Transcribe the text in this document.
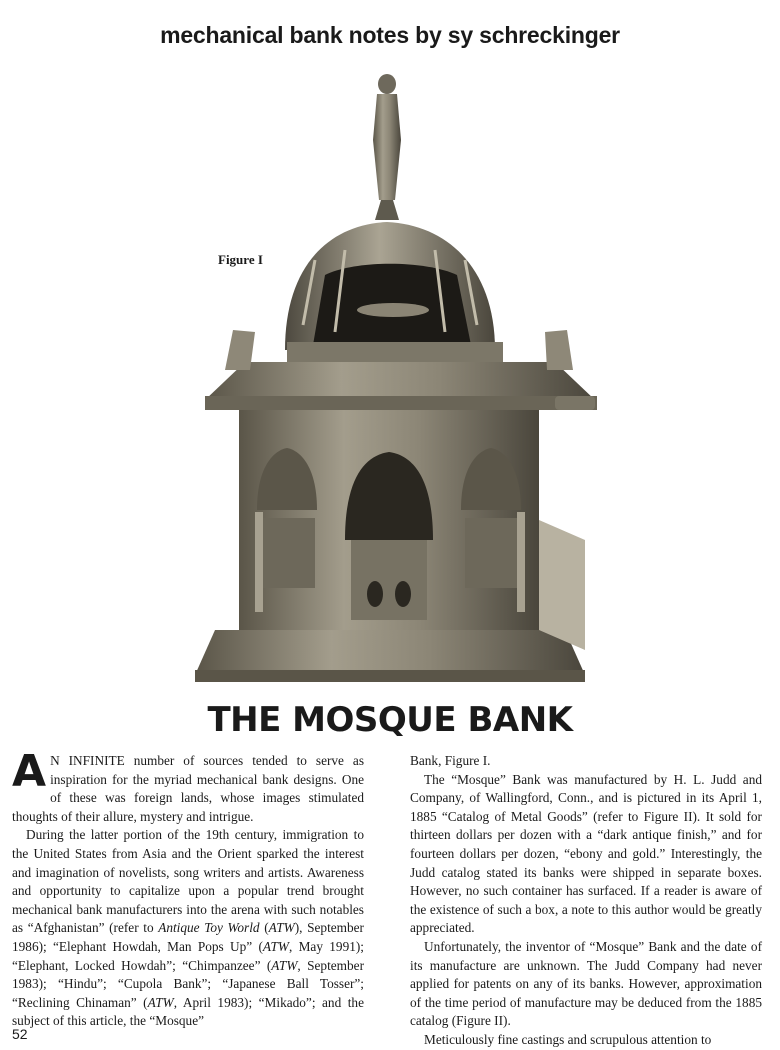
mechanical bank notes by sy schreckinger
Figure I
THE MOSQUE BANK

A N INFINITE number of sources tended to serve as inspiration for the myriad mechanical bank designs. One of these was foreign lands, whose images stimulated thoughts of their allure, mystery and intrigue.

During the latter portion of the 19th century, immigration to the United States from Asia and the Orient sparked the interest and imagination of novelists, song writers and artists. Awareness and opportunity to capitalize upon a popular trend brought mechanical bank manufacturers into the arena with such notables as “Afghanistan” (refer to Antique Toy World (ATW), September 1986); “Elephant Howdah, Man Pops Up” (ATW, May 1991); “Elephant, Locked Howdah”; “Chimpanzee” (ATW, September 1983); “Hindu”; “Cupola Bank”; “Japanese Ball Tosser”; “Reclining Chinaman” (ATW, April 1983); “Mikado”; and the subject of this article, the “Mosque”

Bank, Figure I.

The “Mosque” Bank was manufactured by H. L. Judd and Company, of Wallingford, Conn., and is pictured in its April 1, 1885 “Catalog of Metal Goods” (refer to Figure II). It sold for thirteen dollars per dozen with a “dark antique finish,” and for fourteen dollars per dozen, “ebony and gold.” Interestingly, the Judd catalog stated its banks were shipped in separate boxes. However, no such container has surfaced. If a reader is aware of the existence of such a box, a note to this author would be greatly appreciated.

Unfortunately, the inventor of “Mosque” Bank and the date of its manufacture are unknown. The Judd Company had never applied for patents on any of its banks. However, approximation of the time period of manufacture may be deduced from the 1885 catalog (Figure II).

Meticulously fine castings and scrupulous attention to

52
